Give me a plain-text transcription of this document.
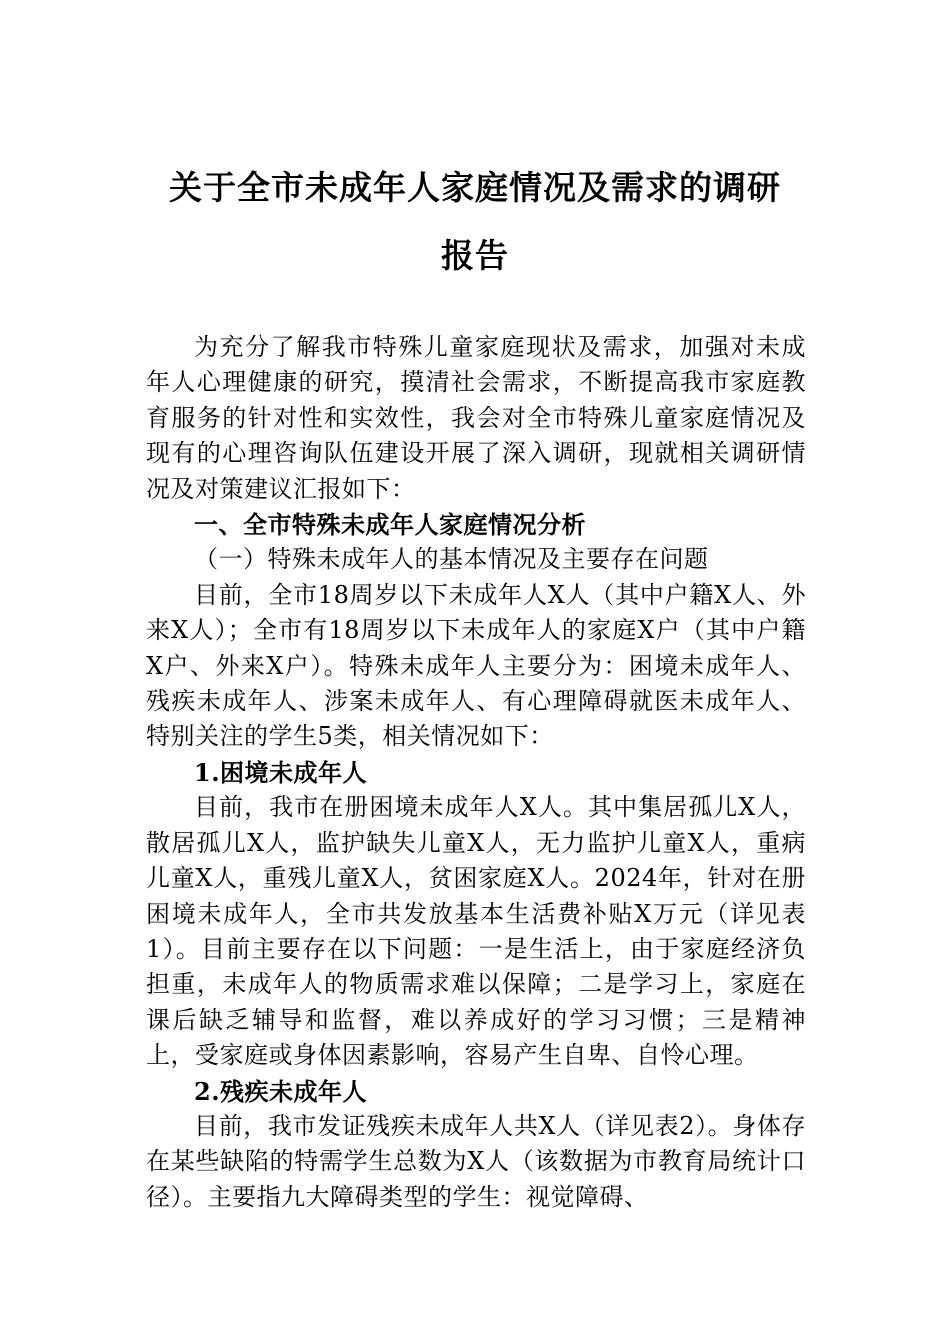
关于全市未成年人家庭情况及需求的调研
报告

为充分了解我市特殊儿童家庭现状及需求，加强对未成年人心理健康的研究，摸清社会需求，不断提高我市家庭教育服务的针对性和实效性，我会对全市特殊儿童家庭情况及现有的心理咨询队伍建设开展了深入调研，现就相关调研情况及对策建议汇报如下：

一、全市特殊未成年人家庭情况分析

（一）特殊未成年人的基本情况及主要存在问题

目前，全市18周岁以下未成年人X人（其中户籍X人、外来X人）；全市有18周岁以下未成年人的家庭X户（其中户籍X户、外来X户）。特殊未成年人主要分为：困境未成年人、残疾未成年人、涉案未成年人、有心理障碍就医未成年人、特别关注的学生5类，相关情况如下：

1.困境未成年人

目前，我市在册困境未成年人X人。其中集居孤儿X人，散居孤儿X人，监护缺失儿童X人，无力监护儿童X人，重病儿童X人，重残儿童X人，贫困家庭X人。2024年，针对在册困境未成年人，全市共发放基本生活费补贴X万元（详见表1）。目前主要存在以下问题：一是生活上，由于家庭经济负担重，未成年人的物质需求难以保障；二是学习上，家庭在课后缺乏辅导和监督，难以养成好的学习习惯；三是精神上，受家庭或身体因素影响，容易产生自卑、自怜心理。

2.残疾未成年人

目前，我市发证残疾未成年人共X人（详见表2）。身体存在某些缺陷的特需学生总数为X人（该数据为市教育局统计口径）。主要指九大障碍类型的学生：视觉障碍、
